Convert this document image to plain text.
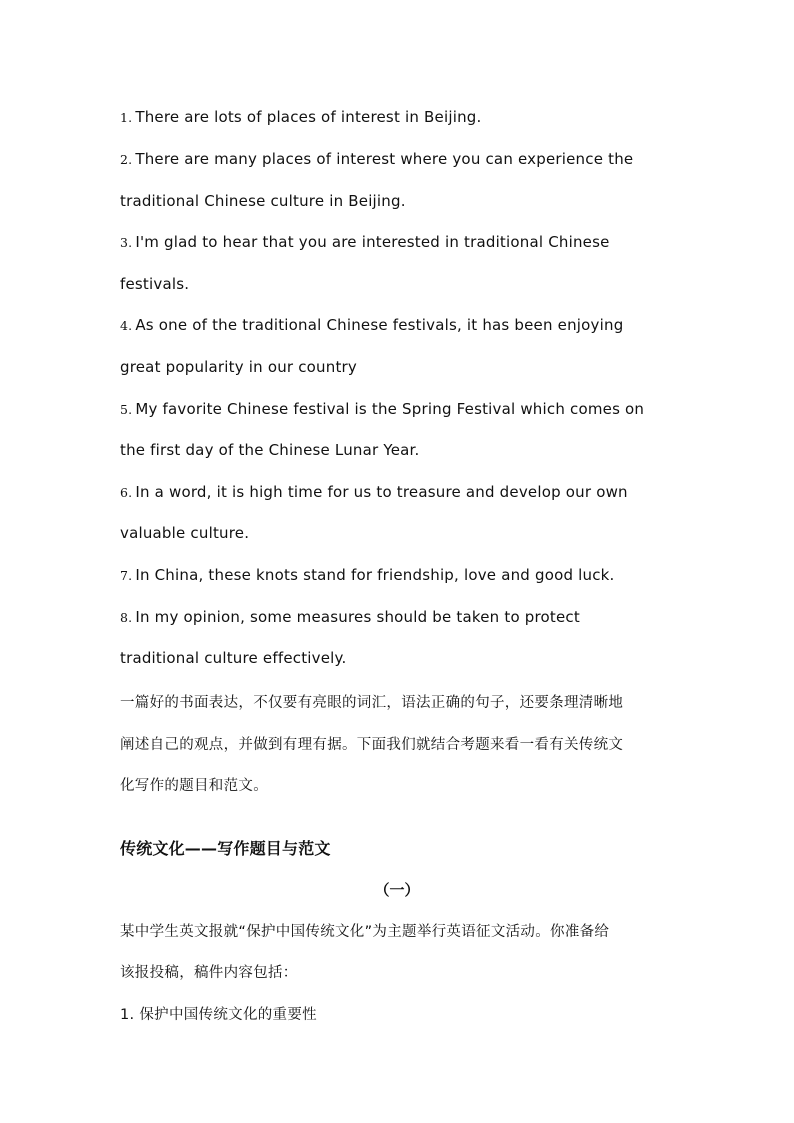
1. There are lots of places of interest in Beijing.
2. There are many places of interest where you can experience the
traditional Chinese culture in Beijing.
3. I'm glad to hear that you are interested in traditional Chinese
festivals.
4. As one of the traditional Chinese festivals, it has been enjoying
great popularity in our country
5. My favorite Chinese festival is the Spring Festival which comes on
the first day of the Chinese Lunar Year.
6. In a word, it is high time for us to treasure and develop our own
valuable culture.
7. In China, these knots stand for friendship, love and good luck.
8. In my opinion, some measures should be taken to protect
traditional culture effectively.
一篇好的书面表达，不仅要有亮眼的词汇，语法正确的句子，还要条理清晰地
阐述自己的观点，并做到有理有据。下面我们就结合考题来看一看有关传统文
化写作的题目和范文。
传统文化——写作题目与范文
（一）
某中学生英文报就“保护中国传统文化”为主题举行英语征文活动。你准备给
该报投稿，稿件内容包括：
1. 保护中国传统文化的重要性
